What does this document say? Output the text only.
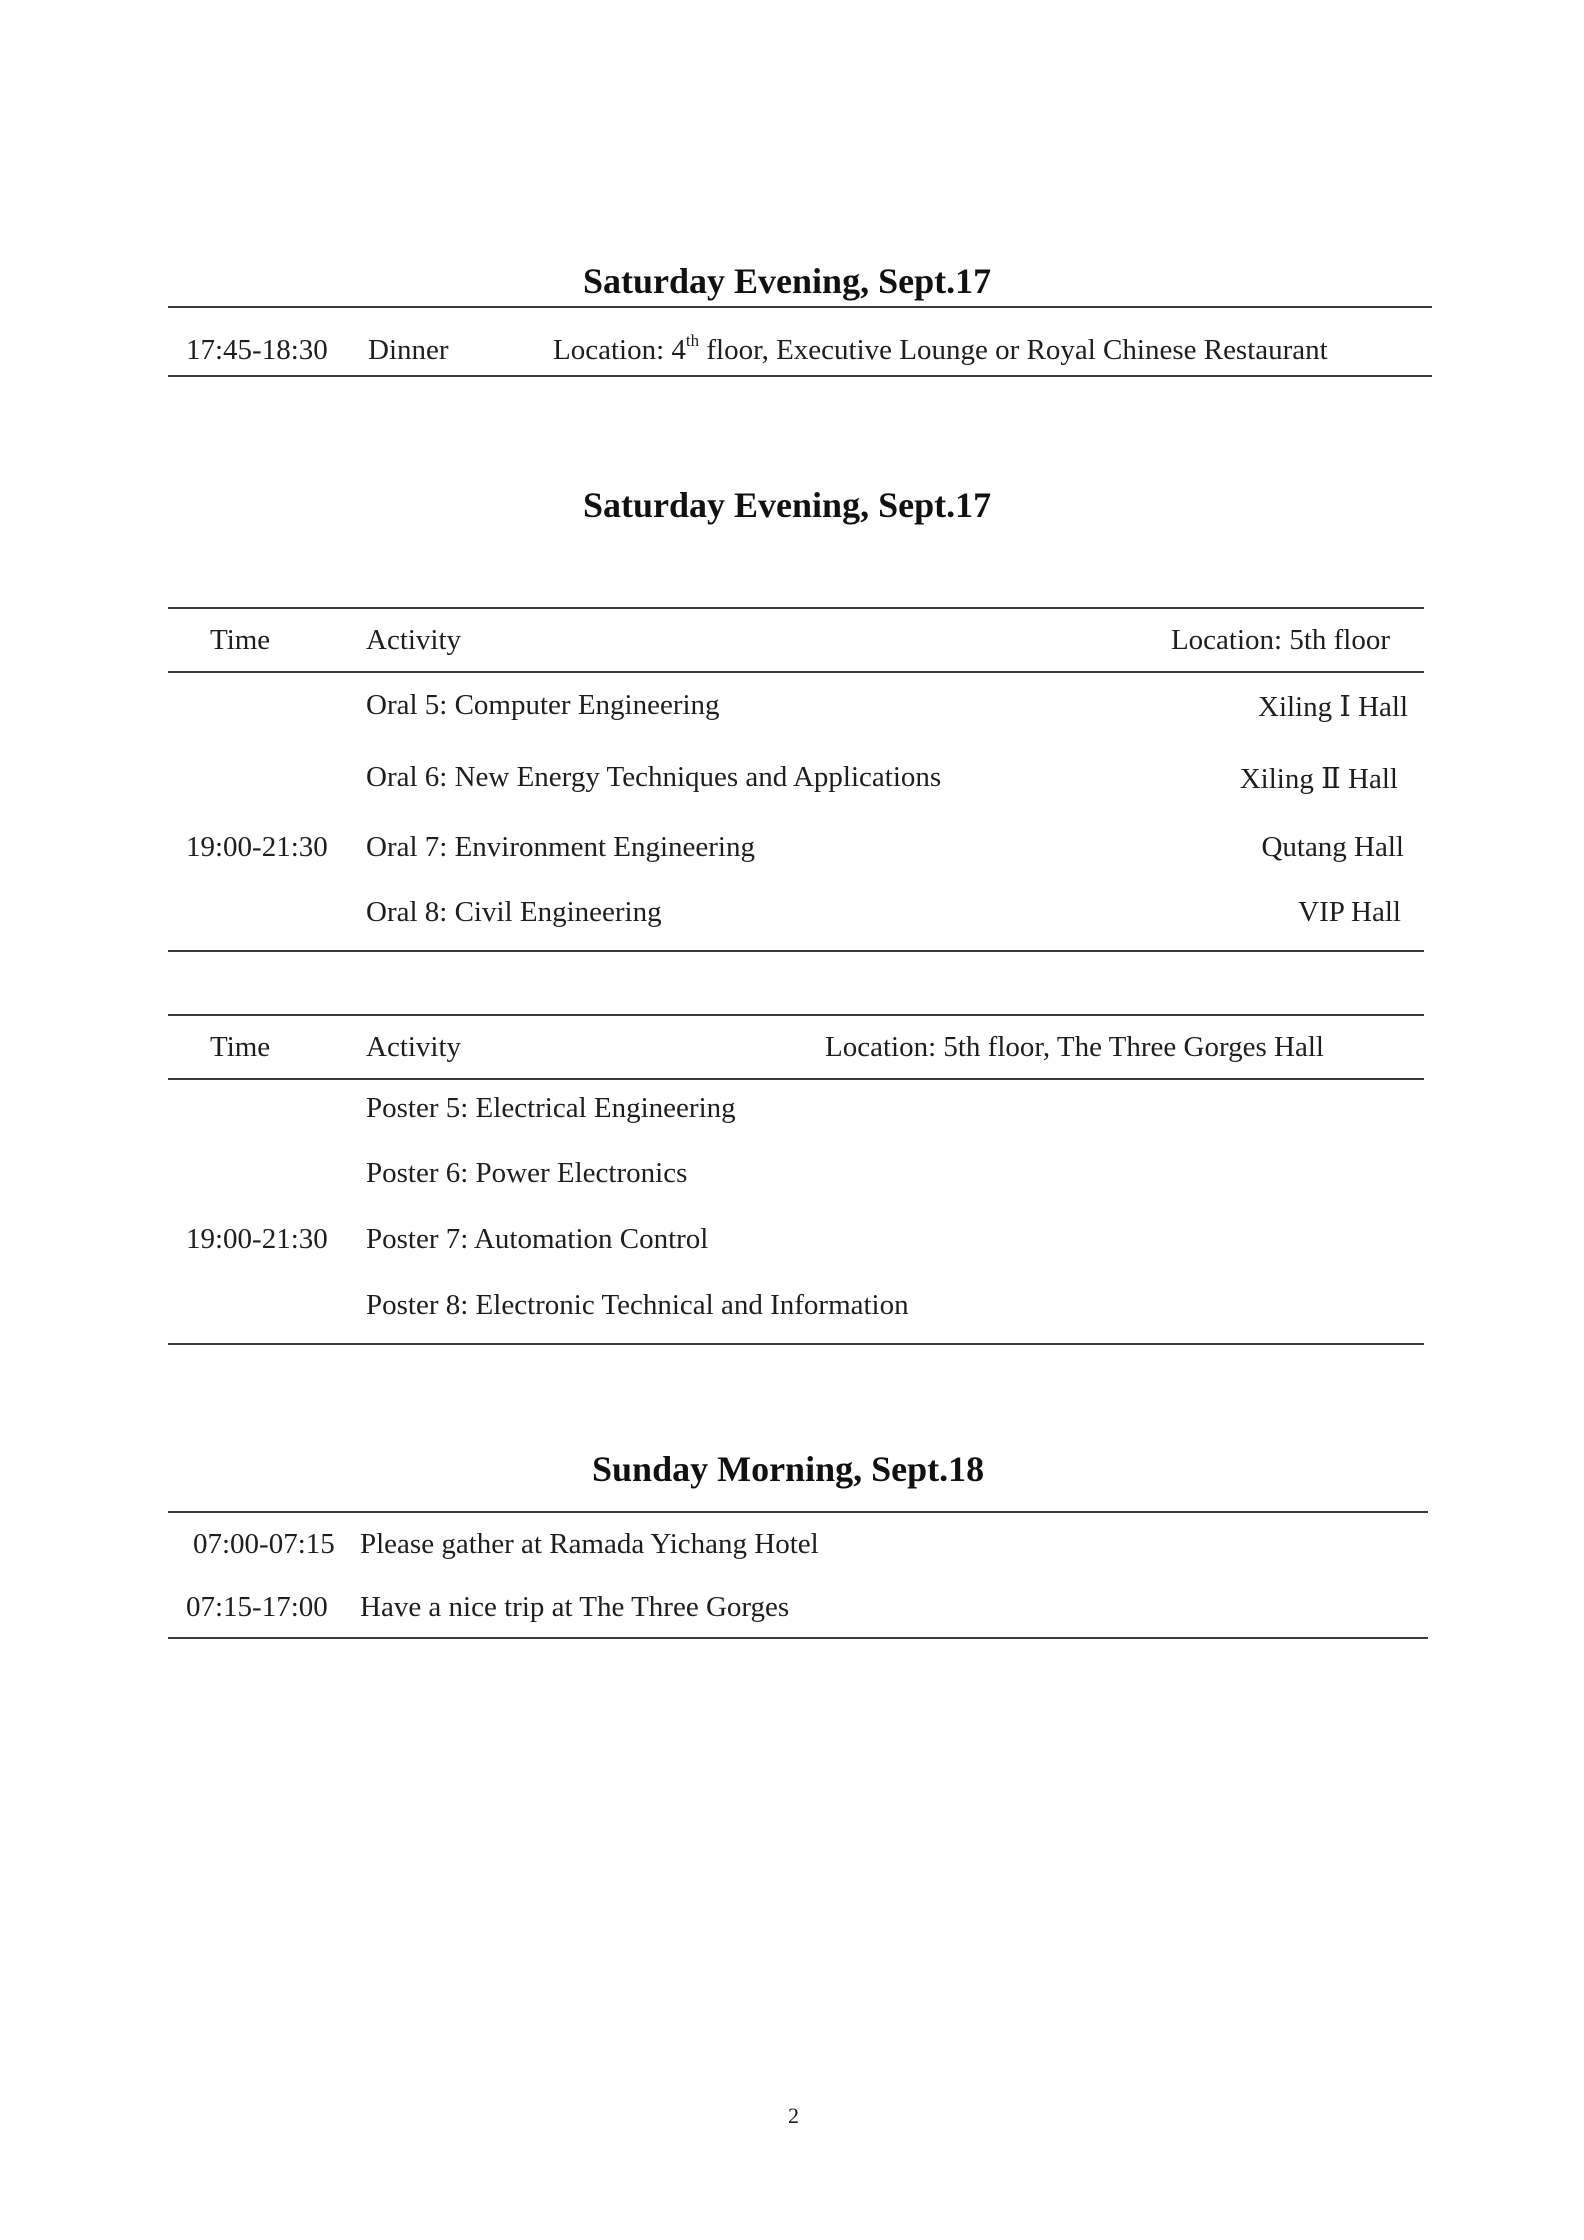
Saturday Evening, Sept.17
17:45-18:30 Dinner	Location: 4th floor, Executive Lounge or Royal Chinese Restaurant
Saturday Evening, Sept.17
Time	Activity	Location: 5th floor
Oral 5: Computer Engineering	Xiling Ⅰ Hall
Oral 6: New Energy Techniques and Applications	Xiling Ⅱ Hall
19:00-21:30 Oral 7: Environment Engineering	Qutang Hall
Oral 8: Civil Engineering	VIP Hall
Time	Activity	Location: 5th floor, The Three Gorges Hall
Poster 5: Electrical Engineering
Poster 6: Power Electronics
19:00-21:30 Poster 7: Automation Control
Poster 8: Electronic Technical and Information
Sunday Morning, Sept.18
07:00-07:15 Please gather at Ramada Yichang Hotel
07:15-17:00 Have a nice trip at The Three Gorges
2
